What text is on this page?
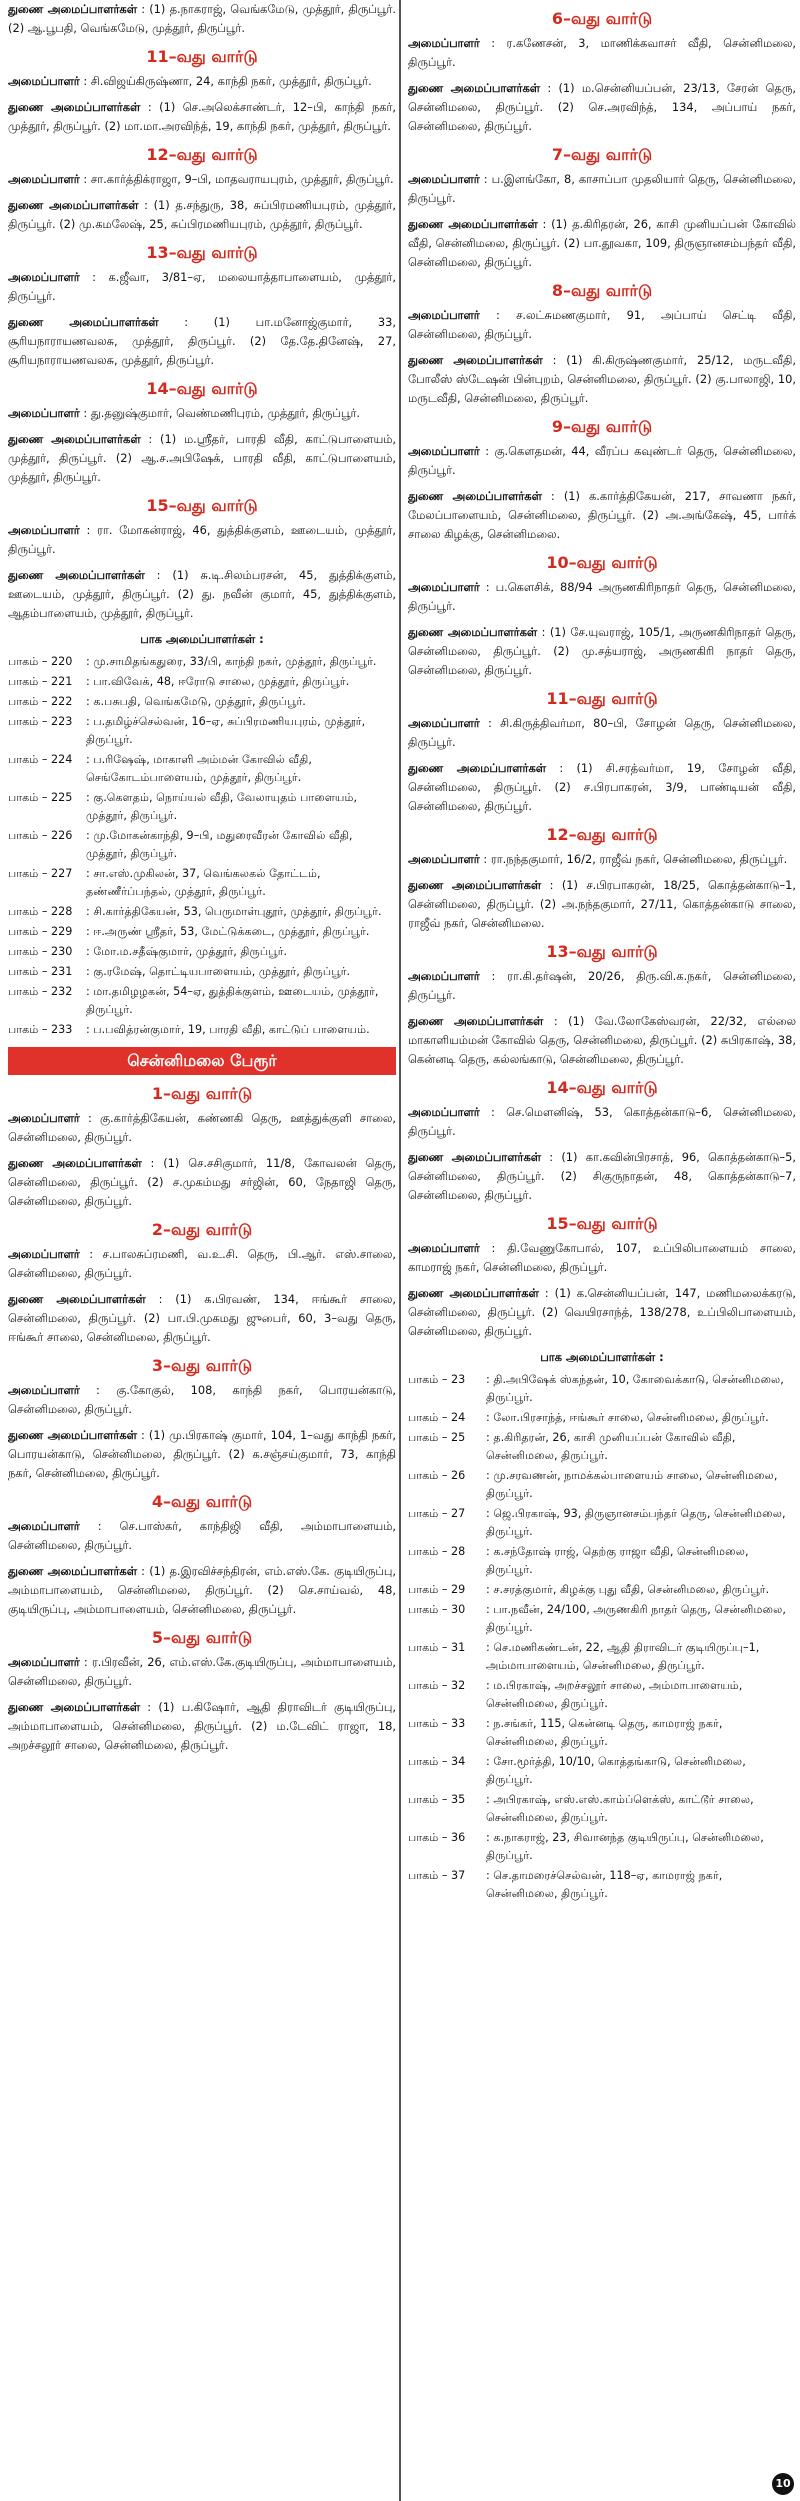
துணை அமைப்பாளர்கள் : (1) த.நாகராஜ், வெங்கமேடு, முத்தூர், திருப்பூர். (2) ஆ.பூபதி, வெங்கமேடு, முத்தூர், திருப்பூர்.

11–வது வார்டு

அமைப்பாளர் : சி.விஜய்கிருஷ்ணா, 24, காந்தி நகர், முத்தூர், திருப்பூர்.

துணை அமைப்பாளர்கள் : (1) செ.அலெக்சாண்டர், 12–பி, காந்தி நகர், முத்தூர், திருப்பூர். (2) மா.மா.அரவிந்த், 19, காந்தி நகர், முத்தூர், திருப்பூர்.

12–வது வார்டு

அமைப்பாளர் : சா.கார்த்திக்ராஜா, 9–பி, மாதவராயபுரம், முத்தூர், திருப்பூர்.

துணை அமைப்பாளர்கள் : (1) த.சந்துரு, 38, சுப்பிரமணியபுரம், முத்தூர், திருப்பூர். (2) மு.கமலேஷ், 25, சுப்பிரமணியபுரம், முத்தூர், திருப்பூர்.

13–வது வார்டு

அமைப்பாளர் : க.ஜீவா, 3/81–ஏ, மலையாத்தாபாளையம், முத்தூர், திருப்பூர்.

துணை அமைப்பாளர்கள் : (1) பா.மனோஜ்குமார், 33, சூரியநாராயணவலசு, முத்தூர், திருப்பூர். (2) தே.தே.தினேஷ், 27, சூரியநாராயணவலசு, முத்தூர், திருப்பூர்.

14–வது வார்டு

அமைப்பாளர் : து.தனுஷ்குமார், வெண்மணிபுரம், முத்தூர், திருப்பூர்.

துணை அமைப்பாளர்கள் : (1) ம.ஸ்ரீதர், பாரதி வீதி, காட்டுபாளையம், முத்தூர், திருப்பூர். (2) ஆ.ச.அபிஷேக், பாரதி வீதி, காட்டுபாளையம், முத்தூர், திருப்பூர்.

15–வது வார்டு

அமைப்பாளர் : ரா. மோகன்ராஜ், 46, துத்திக்குளம், ஊடையம், முத்தூர், திருப்பூர்.

துணை அமைப்பாளர்கள் : (1) சு.டி.சிலம்பரசன், 45, துத்திக்குளம், ஊடையம், முத்தூர், திருப்பூர். (2) து. நவீன் குமார், 45, துத்திக்குளம், ஆதம்பாளையம், முத்தூர், திருப்பூர்.

பாக அமைப்பாளர்கள் :
பாகம் – 220	: மு.சாமிதங்கதுரை, 33/பி, காந்தி நகர், முத்தூர், திருப்பூர்.
பாகம் – 221	: பா.விவேக், 48, ஈரோடு சாலை, முத்தூர், திருப்பூர்.
பாகம் – 222	: க.பசுபதி, வெங்கமேடு, முத்தூர், திருப்பூர்.
பாகம் – 223	: ப.தமிழ்ச்செல்வன், 16–ஏ, சுப்பிரமணியபுரம், முத்தூர், திருப்பூர்.
பாகம் – 224	: ப.ரிஷேஷ், மாகாளி அம்மன் கோவில் வீதி, செங்கோடம்பாளையம், முத்தூர், திருப்பூர்.
பாகம் – 225	: கு.கௌதம், நொய்யல் வீதி, வேலாயுதம் பாளையம், முத்தூர், திருப்பூர்.
பாகம் – 226	: மு.மோகன்காந்தி, 9–பி, மதுரைவீரன் கோவில் வீதி, முத்தூர், திருப்பூர்.
பாகம் – 227	: சா.எஸ்.முகிலன், 37, வெங்கலகல் தோட்டம், தண்ணீர்ப்பந்தல், முத்தூர், திருப்பூர்.
பாகம் – 228	: சி.கார்த்திகேயன், 53, பெருமாள்புதூர், முத்தூர், திருப்பூர்.
பாகம் – 229	: ஈ.அருண் ஸ்ரீதர், 53, மேட்டுக்கடை, முத்தூர், திருப்பூர்.
பாகம் – 230	: மோ.ம.சதீஷ்குமார், முத்தூர், திருப்பூர்.
பாகம் – 231	: கு.ரமேஷ், தொட்டியபாளையம், முத்தூர், திருப்பூர்.
பாகம் – 232	: மா.தமிழழகன், 54–ஏ, துத்திக்குளம், ஊடையம், முத்தூர், திருப்பூர்.
பாகம் – 233	: ப.பவித்ரன்குமார், 19, பாரதி வீதி, காட்டுப் பாளையம்.
சென்னிமலை பேரூர்
1–வது வார்டு

அமைப்பாளர் : கு.கார்த்திகேயன், கண்ணகி தெரு, ஊத்துக்குளி சாலை, சென்னிமலை, திருப்பூர்.

துணை அமைப்பாளர்கள் : (1) செ.சசிகுமார், 11/8, கோவலன் தெரு, சென்னிமலை, திருப்பூர். (2) ச.முகம்மது சர்ஜின், 60, நேதாஜி தெரு, சென்னிமலை, திருப்பூர்.

2–வது வார்டு

அமைப்பாளர் : ச.பாலசுப்ரமணி, வ.உ.சி. தெரு, பி.ஆர். எஸ்.சாலை, சென்னிமலை, திருப்பூர்.

துணை அமைப்பாளர்கள் : (1) க.பிரவண், 134, ஈங்கூர் சாலை, சென்னிமலை, திருப்பூர். (2) பா.பி.முகமது ஜுபைர், 60, 3–வது தெரு, ஈங்கூர் சாலை, சென்னிமலை, திருப்பூர்.

3–வது வார்டு

அமைப்பாளர் : கு.கோகுல், 108, காந்தி நகர், பொரயன்காடு, சென்னிமலை, திருப்பூர்.

துணை அமைப்பாளர்கள் : (1) மு.பிரகாஷ் குமார், 104, 1–வது காந்தி நகர், பொரயன்காடு, சென்னிமலை, திருப்பூர். (2) க.சஞ்சய்குமார், 73, காந்தி நகர், சென்னிமலை, திருப்பூர்.

4–வது வார்டு

அமைப்பாளர் : செ.பாஸ்கர், காந்திஜி வீதி, அம்மாபாளையம், சென்னிமலை, திருப்பூர்.

துணை அமைப்பாளர்கள் : (1) த.இரவிச்சந்திரன், எம்.எஸ்.கே. குடியிருப்பு, அம்மாபாளையம், சென்னிமலை, திருப்பூர். (2) செ.சாய்வல், 48, குடியிருப்பு, அம்மாபாளையம், சென்னிமலை, திருப்பூர்.

5–வது வார்டு

அமைப்பாளர் : ர.பிரவீன், 26, எம்.எஸ்.கே.குடியிருப்பு, அம்மாபாளையம், சென்னிமலை, திருப்பூர்.

துணை அமைப்பாளர்கள் : (1) ப.கிஷோர், ஆதி திராவிடர் குடியிருப்பு, அம்மாபாளையம், சென்னிமலை, திருப்பூர். (2) ம.டேவிட் ராஜா, 18, அறச்சலூர் சாலை, சென்னிமலை, திருப்பூர்.

6–வது வார்டு

அமைப்பாளர் : ர.கணேசன், 3, மாணிக்கவாசர் வீதி, சென்னிமலை, திருப்பூர்.

துணை அமைப்பாளர்கள் : (1) ம.சென்னியப்பன், 23/13, சேரன் தெரு, சென்னிமலை, திருப்பூர். (2) செ.அரவிந்த், 134, அப்பாய் நகர், சென்னிமலை, திருப்பூர்.

7–வது வார்டு

அமைப்பாளர் : ப.இளங்கோ, 8, காசாப்பா முதலியார் தெரு, சென்னிமலை, திருப்பூர்.

துணை அமைப்பாளர்கள் : (1) த.கிரிதரன், 26, காசி முனியப்பன் கோவில் வீதி, சென்னிமலை, திருப்பூர். (2) பா.தூவகா, 109, திருஞானசம்பந்தர் வீதி, சென்னிமலை, திருப்பூர்.

8–வது வார்டு

அமைப்பாளர் : ச.லட்சுமணகுமார், 91, அப்பாய் செட்டி வீதி, சென்னிமலை, திருப்பூர்.

துணை அமைப்பாளர்கள் : (1) கி.கிருஷ்ணகுமார், 25/12, மருடவீதி, போலீஸ் ஸ்டேஷன் பின்புறம், சென்னிமலை, திருப்பூர். (2) கு.பாலாஜி, 10, மருடவீதி, சென்னிமலை, திருப்பூர்.

9–வது வார்டு

அமைப்பாளர் : கு.கௌதமன், 44, வீரப்ப கவுண்டர் தெரு, சென்னிமலை, திருப்பூர்.

துணை அமைப்பாளர்கள் : (1) க.கார்த்திகேயன், 217, சாவணா நகர், மேலப்பாளையம், சென்னிமலை, திருப்பூர். (2) அ.அங்கேஷ், 45, பார்க் சாலை கிழக்கு, சென்னிமலை.

10–வது வார்டு

அமைப்பாளர் : ப.கௌசிக், 88/94 அருணகிரிநாதர் தெரு, சென்னிமலை, திருப்பூர்.

துணை அமைப்பாளர்கள் : (1) சே.யுவராஜ், 105/1, அருணகிரிநாதர் தெரு, சென்னிமலை, திருப்பூர். (2) மு.சத்யராஜ், அருணகிரி நாதர் தெரு, சென்னிமலை, திருப்பூர்.

11–வது வார்டு

அமைப்பாளர் : சி.கிருத்திவர்மா, 80–பி, சோழன் தெரு, சென்னிமலை, திருப்பூர்.

துணை அமைப்பாளர்கள் : (1) சி.சரத்வர்மா, 19, சோழன் வீதி, சென்னிமலை, திருப்பூர். (2) ச.பிரபாகரன், 3/9, பாண்டியன் வீதி, சென்னிமலை, திருப்பூர்.

12–வது வார்டு

அமைப்பாளர் : ரா.நந்தகுமார், 16/2, ராஜீவ் நகர், சென்னிமலை, திருப்பூர்.

துணை அமைப்பாளர்கள் : (1) ச.பிரபாகரன், 18/25, கொத்தன்காடு–1, சென்னிமலை, திருப்பூர். (2) அ.நந்தகுமார், 27/11, கொத்தன்காடு சாலை, ராஜீவ் நகர், சென்னிமலை.

13–வது வார்டு

அமைப்பாளர் : ரா.கி.தர்ஷன், 20/26, திரு.வி.க.நகர், சென்னிமலை, திருப்பூர்.

துணை அமைப்பாளர்கள் : (1) வே.லோகேஸ்வரன், 22/32, எல்லை மாகாளியம்மன் கோவில் தெரு, சென்னிமலை, திருப்பூர். (2) சுபிரகாஷ், 38, கென்னடி தெரு, கல்லங்காடு, சென்னிமலை, திருப்பூர்.

14–வது வார்டு

அமைப்பாளர் : செ.மௌனிஷ், 53, கொத்தன்காடு–6, சென்னிமலை, திருப்பூர்.

துணை அமைப்பாளர்கள் : (1) கா.கவின்பிரசாத், 96, கொத்தன்காடு–5, சென்னிமலை, திருப்பூர். (2) சிகுருநாதன், 48, கொத்தன்காடு–7, சென்னிமலை, திருப்பூர்.

15–வது வார்டு

அமைப்பாளர் : தி.வேணுகோபால், 107, உப்பிலிபாளையம் சாலை, காமராஜ் நகர், சென்னிமலை, திருப்பூர்.

துணை அமைப்பாளர்கள் : (1) க.சென்னியப்பன், 147, மணிமலைக்கரடு, சென்னிமலை, திருப்பூர். (2) வெயிரசாந்த், 138/278, உப்பிலிபாளையம், சென்னிமலை, திருப்பூர்.

பாக அமைப்பாளர்கள் :
பாகம் – 23	: தி.அபிஷேக் ஸ்கந்தன், 10, கோவைக்காடு, சென்னிமலை, திருப்பூர்.
பாகம் – 24	: லோ.பிரசாந்த், ஈங்கூர் சாலை, சென்னிமலை, திருப்பூர்.
பாகம் – 25	: த.கிரிதரன், 26, காசி முனியப்பன் கோவில் வீதி, சென்னிமலை, திருப்பூர்.
பாகம் – 26	: மு.சரவணன், நாமக்கல்பாளையம் சாலை, சென்னிமலை, திருப்பூர்.
பாகம் – 27	: ஜெ.பிரகாஷ், 93, திருஞானசம்பந்தர் தெரு, சென்னிமலை, திருப்பூர்.
பாகம் – 28	: க.சந்தோஷ் ராஜ், தெற்கு ராஜா வீதி, சென்னிமலை, திருப்பூர்.
பாகம் – 29	: ச.சரத்குமார், கிழக்கு புது வீதி, சென்னிமலை, திருப்பூர்.
பாகம் – 30	: பா.நவீன், 24/100, அருணகிரி நாதர் தெரு, சென்னிமலை, திருப்பூர்.
பாகம் – 31	: செ.மணிகண்டன், 22, ஆதி திராவிடர் குடியிருப்பு–1, அம்மாபாளையம், சென்னிமலை, திருப்பூர்.
பாகம் – 32	: ம.பிரகாஷ், அறச்சலூர் சாலை, அம்மாபாளையம், சென்னிமலை, திருப்பூர்.
பாகம் – 33	: ந.சங்கர், 115, கென்னடி தெரு, காமராஜ் நகர், சென்னிமலை, திருப்பூர்.
பாகம் – 34	: சோ.மூர்த்தி, 10/10, கொத்தங்காடு, சென்னிமலை, திருப்பூர்.
பாகம் – 35	: அபிரகாஷ், எஸ்.எஸ்.காம்ப்ளெக்ஸ், காட்டூர் சாலை, சென்னிமலை, திருப்பூர்.
பாகம் – 36	: க.நாகராஜ், 23, சிவானந்த குடியிருப்பு, சென்னிமலை, திருப்பூர்.
பாகம் – 37	: செ.தாமரைச்செல்வன், 118–ஏ, காமராஜ் நகர், சென்னிமலை, திருப்பூர்.
10
